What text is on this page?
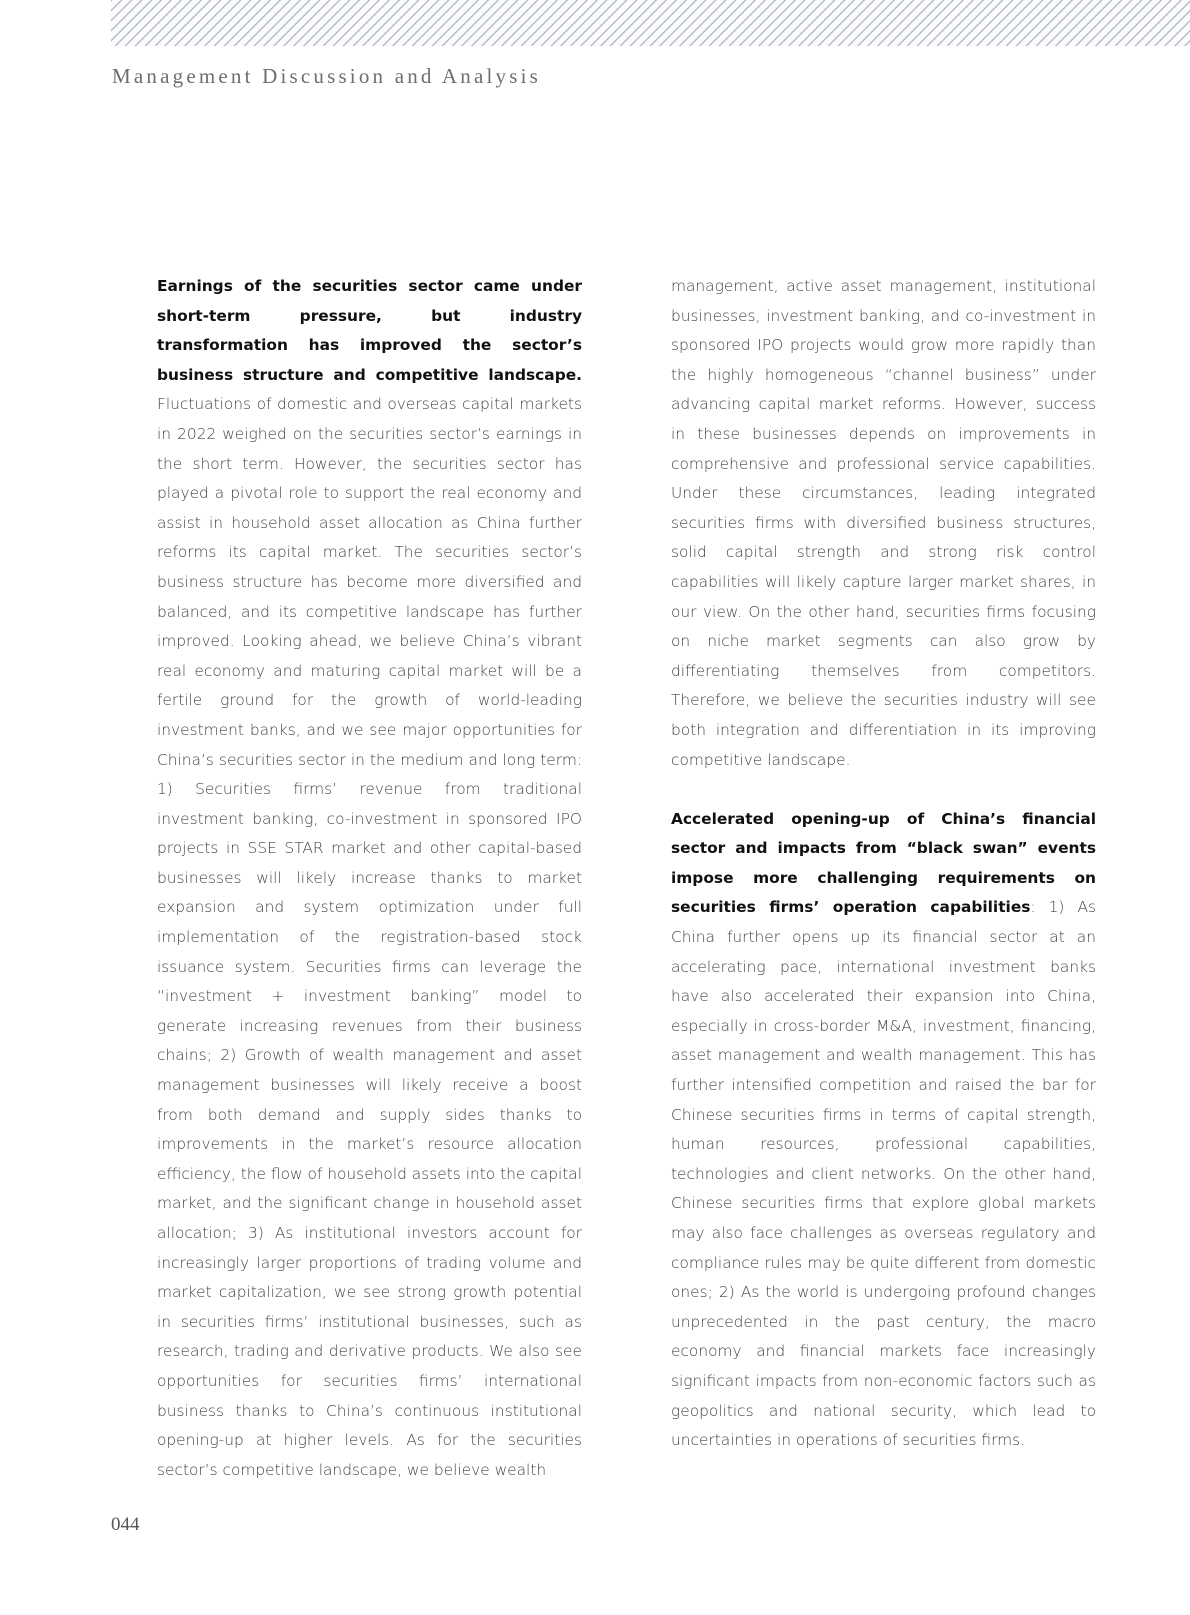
Management Discussion and Analysis

Earnings of the securities sector came under short-term pressure, but industry transformation has improved the sector’s business structure and competitive landscape. Fluctuations of domestic and overseas capital markets in 2022 weighed on the securities sector’s earnings in the short term. However, the securities sector has played a pivotal role to support the real economy and assist in household asset allocation as China further reforms its capital market. The securities sector’s business structure has become more diversified and balanced, and its competitive landscape has further improved. Looking ahead, we believe China’s vibrant real economy and maturing capital market will be a fertile ground for the growth of world-leading investment banks, and we see major opportunities for China’s securities sector in the medium and long term: 1) Securities firms’ revenue from traditional investment banking, co-investment in sponsored IPO projects in SSE STAR market and other capital-based businesses will likely increase thanks to market expansion and system optimization under full implementation of the registration-based stock issuance system. Securities firms can leverage the “investment + investment banking” model to generate increasing revenues from their business chains; 2) Growth of wealth management and asset management businesses will likely receive a boost from both demand and supply sides thanks to improvements in the market’s resource allocation efficiency, the flow of household assets into the capital market, and the significant change in household asset allocation; 3) As institutional investors account for increasingly larger proportions of trading volume and market capitalization, we see strong growth potential in securities firms’ institutional businesses, such as research, trading and derivative products. We also see opportunities for securities firms’ international business thanks to China’s continuous institutional opening-up at higher levels. As for the securities sector’s competitive landscape, we believe wealth

management, active asset management, institutional businesses, investment banking, and co-investment in sponsored IPO projects would grow more rapidly than the highly homogeneous “channel business” under advancing capital market reforms. However, success in these businesses depends on improvements in comprehensive and professional service capabilities. Under these circumstances, leading integrated securities firms with diversified business structures, solid capital strength and strong risk control capabilities will likely capture larger market shares, in our view. On the other hand, securities firms focusing on niche market segments can also grow by differentiating themselves from competitors. Therefore, we believe the securities industry will see both integration and differentiation in its improving competitive landscape.

Accelerated opening-up of China’s financial sector and impacts from “black swan” events impose more challenging requirements on securities firms’ operation capabilities: 1) As China further opens up its financial sector at an accelerating pace, international investment banks have also accelerated their expansion into China, especially in cross-border M&A, investment, financing, asset management and wealth management. This has further intensified competition and raised the bar for Chinese securities firms in terms of capital strength, human resources, professional capabilities, technologies and client networks. On the other hand, Chinese securities firms that explore global markets may also face challenges as overseas regulatory and compliance rules may be quite different from domestic ones; 2) As the world is undergoing profound changes unprecedented in the past century, the macro economy and financial markets face increasingly significant impacts from non-economic factors such as geopolitics and national security, which lead to uncertainties in operations of securities firms.

044
